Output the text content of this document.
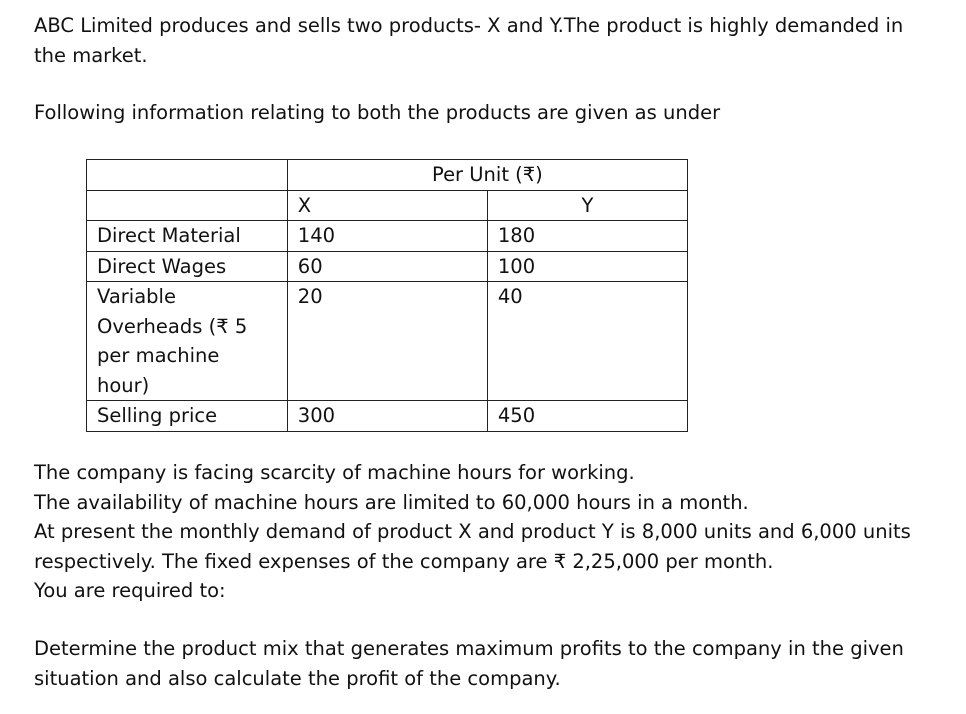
ABC Limited produces and sells two products- X and Y.The product is highly demanded in
the market.

Following information relating to both the products are given as under

	Per Unit (₹)	
	X	Y
Direct Material	140	180
Direct Wages	60	100
Variable
Overheads (₹ 5
per machine
hour)	20	40
Selling price	300	450

The company is facing scarcity of machine hours for working.
The availability of machine hours are limited to 60,000 hours in a month.
At present the monthly demand of product X and product Y is 8,000 units and 6,000 units
respectively. The fixed expenses of the company are ₹ 2,25,000 per month.
You are required to:

Determine the product mix that generates maximum profits to the company in the given
situation and also calculate the profit of the company.
